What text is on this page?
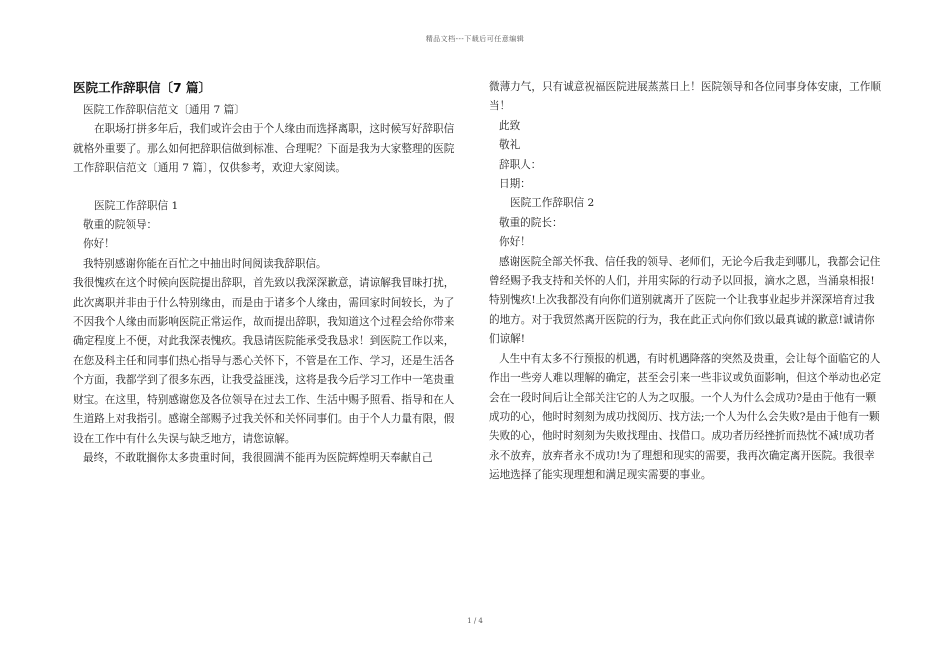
精品文档---下载后可任意编辑
医院工作辞职信〔7 篇〕

医院工作辞职信范文〔通用 7 篇〕

在职场打拼多年后，我们或许会由于个人缘由而选择离职，这时候写好辞职信就格外重要了。那么如何把辞职信做到标准、合理呢？下面是我为大家整理的医院工作辞职信范文〔通用 7 篇〕，仅供参考，欢迎大家阅读。

医院工作辞职信 1

敬重的院领导：

你好！

我特别感谢你能在百忙之中抽出时间阅读我辞职信。

我很愧疚在这个时候向医院提出辞职，首先致以我深深歉意，请谅解我冒昧打扰，此次离职并非由于什么特别缘由，而是由于诸多个人缘由，需回家时间较长，为了不因我个人缘由而影响医院正常运作，故而提出辞职，我知道这个过程会给你带来确定程度上不便，对此我深表愧疚。我恳请医院能承受我恳求！到医院工作以来，在您及科主任和同事们热心指导与悉心关怀下，不管是在工作、学习，还是生活各个方面，我都学到了很多东西，让我受益匪浅，这将是我今后学习工作中一笔贵重财宝。在这里，特别感谢您及各位领导在过去工作、生活中赐予照看、指导和在人生道路上对我指引。感谢全部赐予过我关怀和关怀同事们。由于个人力量有限，假设在工作中有什么失误与缺乏地方，请您谅解。

最终，不敢耽搁你太多贵重时间，我很圆满不能再为医院辉煌明天奉献自己

微薄力气，只有诚意祝福医院进展蒸蒸日上！医院领导和各位同事身体安康，工作顺当！

此致

敬礼

辞职人：

日期：

医院工作辞职信 2

敬重的院长：

你好！

感谢医院全部关怀我、信任我的领导、老师们，无论今后我走到哪儿，我都会记住曾经赐予我支持和关怀的人们，并用实际的行动予以回报，滴水之恩，当涌泉相报!特别愧疚!上次我都没有向你们道别就离开了医院一个让我事业起步并深深培育过我的地方。对于我贸然离开医院的行为，我在此正式向你们致以最真诚的歉意!诚请你们谅解!

人生中有太多不行预报的机遇，有时机遇降落的突然及贵重，会让每个面临它的人作出一些旁人难以理解的确定，甚至会引来一些非议或负面影响，但这个举动也必定会在一段时间后让全部关注它的人为之叹服。一个人为什么会成功?是由于他有一颗成功的心，他时时刻刻为成功找阅历、找方法;一个人为什么会失败?是由于他有一颗失败的心，他时时刻刻为失败找理由、找借口。成功者历经挫折而热忱不减!成功者永不放弃，放弃者永不成功!为了理想和现实的需要，我再次确定离开医院。我很幸运地选择了能实现理想和满足现实需要的事业。

1 / 4
